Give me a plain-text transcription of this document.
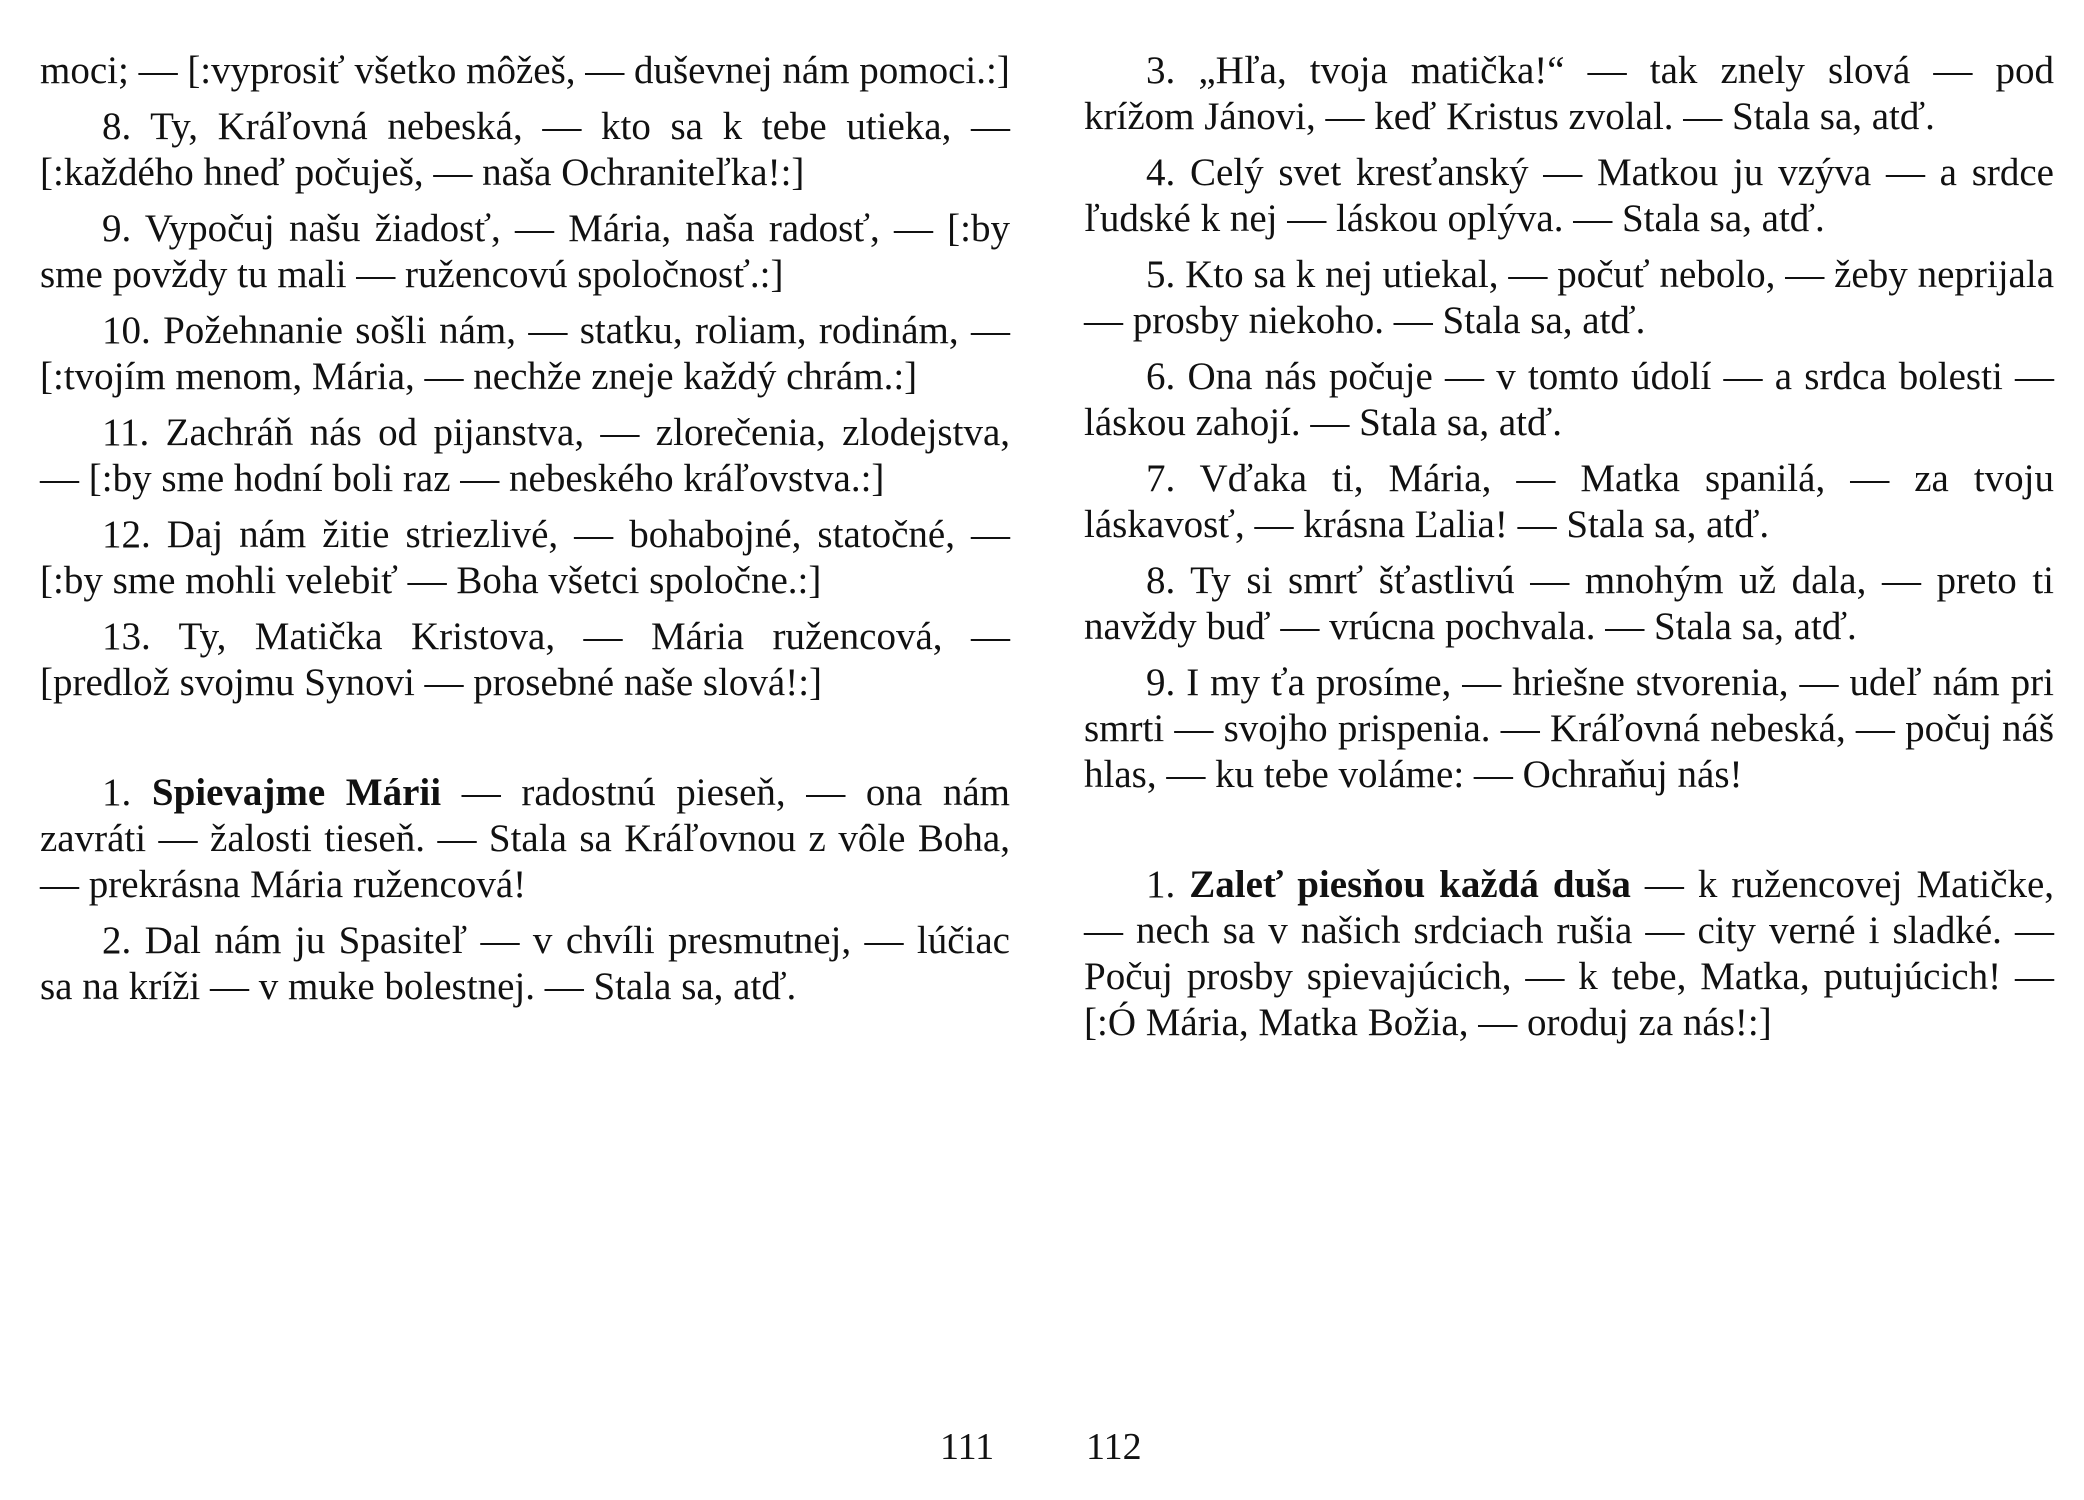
moci; — [:vyprosiť všetko môžeš, — duševnej nám pomoci.:]

8. Ty, Kráľovná nebeská, — kto sa k tebe utieka, — [:každého hneď počuješ, — naša Ochraniteľka!:]

9. Vypočuj našu žiadosť, — Mária, naša radosť, — [:by sme povždy tu mali — ružencovú spoločnosť.:]

10. Požehnanie sošli nám, — statku, roliam, rodinám, — [:tvojím menom, Mária, — nechže zneje každý chrám.:]

11. Zachráň nás od pijanstva, — zlorečenia, zlodejstva, — [:by sme hodní boli raz — nebeského kráľovstva.:]

12. Daj nám žitie striezlivé, — bohabojné, statočné, — [:by sme mohli velebiť — Boha všetci spoločne.:]

13. Ty, Matička Kristova, — Mária ružencová, — [predlož svojmu Synovi — prosebné naše slová!:]

1. Spievajme Márii — radostnú pieseň, — ona nám zavráti — žalosti tieseň. — Stala sa Kráľovnou z vôle Boha, — prekrásna Mária ružencová!

2. Dal nám ju Spasiteľ — v chvíli presmutnej, — lúčiac sa na kríži — v muke bolestnej. — Stala sa, atď.

111

3. „Hľa, tvoja matička!“ — tak znely slová — pod krížom Jánovi, — keď Kristus zvolal. — Stala sa, atď.

4. Celý svet kresťanský — Matkou ju vzýva — a srdce ľudské k nej — láskou oplýva. — Stala sa, atď.

5. Kto sa k nej utiekal, — počuť nebolo, — žeby neprijala — prosby niekoho. — Stala sa, atď.

6. Ona nás počuje — v tomto údolí — a srdca bolesti — láskou zahojí. — Stala sa, atď.

7. Vďaka ti, Mária, — Matka spanilá, — za tvoju láskavosť, — krásna Ľalia! — Stala sa, atď.

8. Ty si smrť šťastlivú — mnohým už dala, — preto ti navždy buď — vrúcna pochvala. — Stala sa, atď.

9. I my ťa prosíme, — hriešne stvorenia, — udeľ nám pri smrti — svojho prispenia. — Kráľovná nebeská, — počuj náš hlas, — ku tebe voláme: — Ochraňuj nás!

1. Zaleť piesňou každá duša — k ružencovej Matičke, — nech sa v našich srdciach rušia — city verné i sladké. — Počuj prosby spievajúcich, — k tebe, Matka, putujúcich! — [:Ó Mária, Matka Božia, — oroduj za nás!:]

112
